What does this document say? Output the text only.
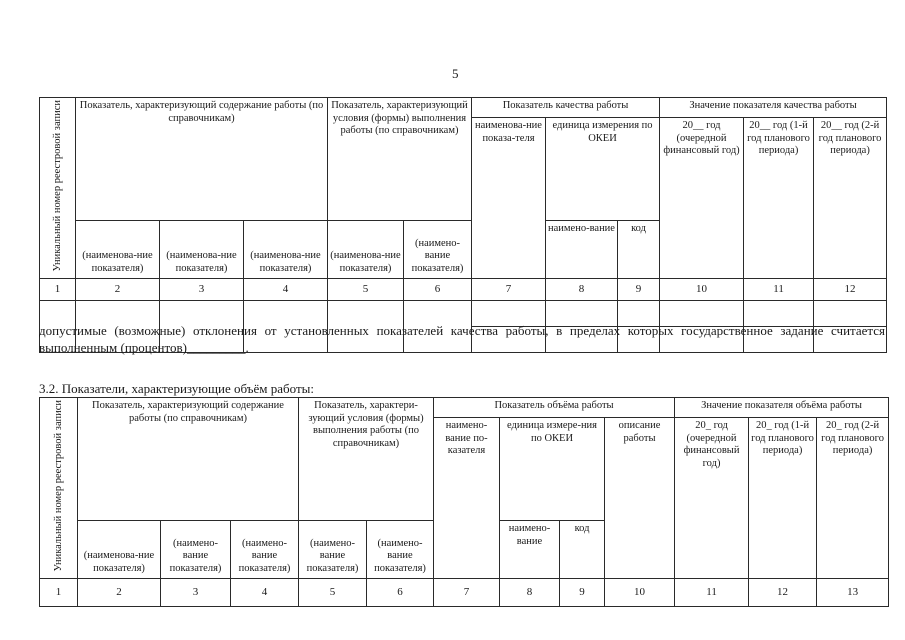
5
Уникальный номер реестровой записи	Показатель, характеризующий содержание работы (по справочникам)			Показатель, характеризующий условия (формы) выполнения работы (по справочникам)		Показатель качества работы			Значение показателя качества работы		
						наименова-ние показа-теля	единица измерения по ОКЕИ		20__ год (очередной финансовый год)	20__ год (1-й год планового периода)	20__ год (2-й год планового периода)
	(наименова-ние показателя)	(наименова-ние показателя)	(наименова-ние показателя)	(наименова-ние показателя)	(наимено-вание показателя)		наимено-вание	код			
1	2	3	4	5	6	7	8	9	10	11	12

допустимые (возможные) отклонения от установленных показателей качества работы, в пределах которых государственное задание считается выполненным (процентов)_________.
3.2. Показатели, характеризующие объём работы:
Уникальный номер реестровой записи	Показатель, характеризующий содержание работы (по справочникам)			Показатель, характери-зующий условия (формы) выполнения работы (по справочникам)		Показатель объёма работы				Значение показателя объёма работы		
						наимено-вание по-казателя	единица измере-ния по ОКЕИ		описание работы	20_ год (очередной финансовый год)	20_ год (1-й год планового периода)	20_ год (2-й год планового периода)
	(наименова-ние показателя)	(наимено-вание показателя)	(наимено-вание показателя)	(наимено-вание показателя)	(наимено-вание показателя)		наимено-вание	код				
1	2	3	4	5	6	7	8	9	10	11	12	13
